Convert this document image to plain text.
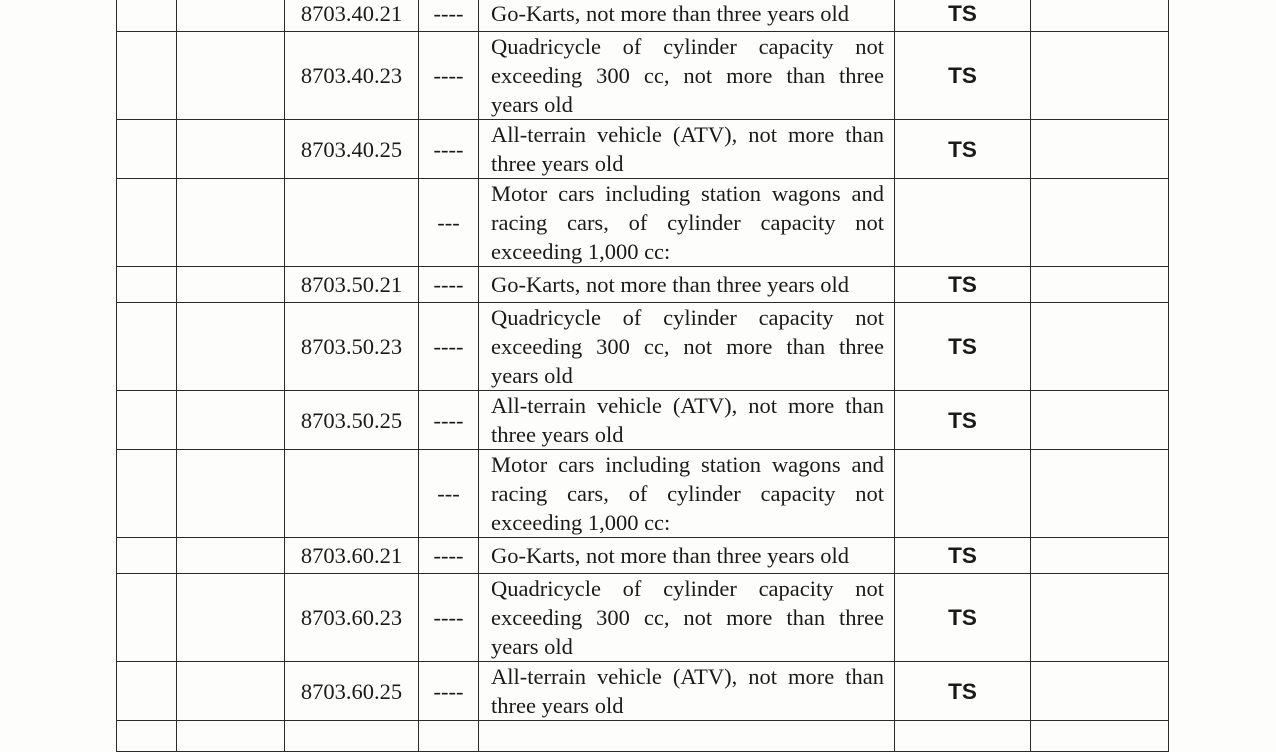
		8703.40.21	----	Go-Karts, not more than three years old	TS	
		8703.40.23	----	Quadricycle of cylinder capacity not exceeding 300 cc, not more than three years old	TS	
		8703.40.25	----	All-terrain vehicle (ATV), not more than three years old	TS	
			---	Motor cars including station wagons and racing cars, of cylinder capacity not exceeding 1,000 cc:		
		8703.50.21	----	Go-Karts, not more than three years old	TS	
		8703.50.23	----	Quadricycle of cylinder capacity not exceeding 300 cc, not more than three years old	TS	
		8703.50.25	----	All-terrain vehicle (ATV), not more than three years old	TS	
			---	Motor cars including station wagons and racing cars, of cylinder capacity not exceeding 1,000 cc:		
		8703.60.21	----	Go-Karts, not more than three years old	TS	
		8703.60.23	----	Quadricycle of cylinder capacity not exceeding 300 cc, not more than three years old	TS	
		8703.60.25	----	All-terrain vehicle (ATV), not more than three years old	TS	
